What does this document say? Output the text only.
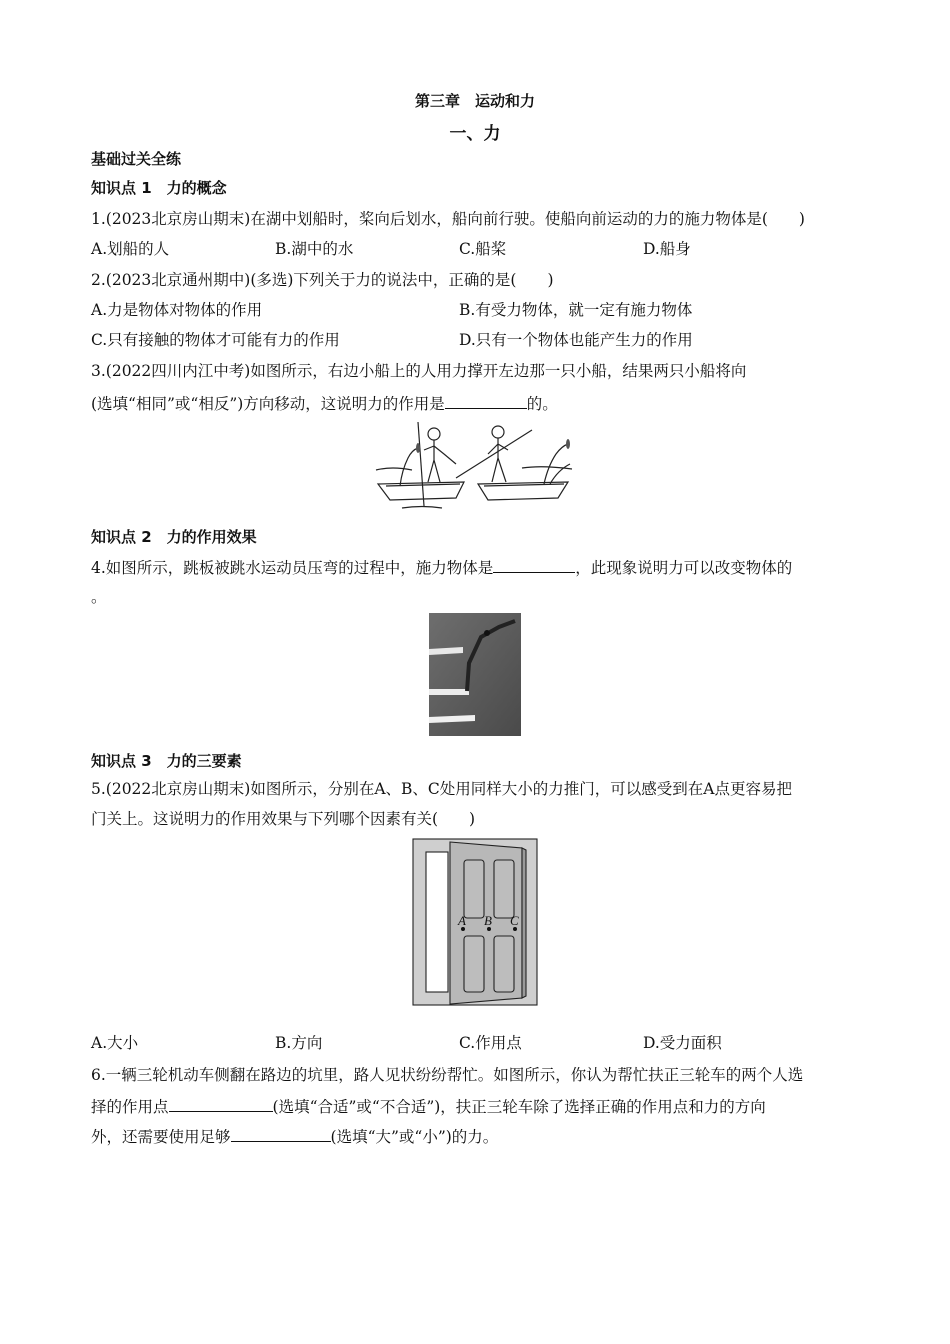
第三章　运动和力
一、力
基础过关全练
知识点 1　力的概念
1.(2023北京房山期末)在湖中划船时，桨向后划水，船向前行驶。使船向前运动的力的施力物体是(　　)
A.划船的人	B.湖中的水	C.船桨	D.船身
2.(2023北京通州期中)(多选)下列关于力的说法中，正确的是(　　)
A.力是物体对物体的作用	B.有受力物体，就一定有施力物体
C.只有接触的物体才可能有力的作用	D.只有一个物体也能产生力的作用
3.(2022四川内江中考)如图所示，右边小船上的人用力撑开左边那一只小船，结果两只小船将向
(选填“相同”或“相反”)方向移动，这说明力的作用是	的。
知识点 2　力的作用效果
4.如图所示，跳板被跳水运动员压弯的过程中，施力物体是	，此现象说明力可以改变物体的
。
知识点 3　力的三要素
5.(2022北京房山期末)如图所示，分别在A、B、C处用同样大小的力推门，可以感受到在A点更容易把
门关上。这说明力的作用效果与下列哪个因素有关(　　)
A B C
A.大小	B.方向	C.作用点	D.受力面积
6.一辆三轮机动车侧翻在路边的坑里，路人见状纷纷帮忙。如图所示，你认为帮忙扶正三轮车的两个人选
择的作用点	(选填“合适”或“不合适”)，扶正三轮车除了选择正确的作用点和力的方向
外，还需要使用足够	(选填“大”或“小”)的力。
